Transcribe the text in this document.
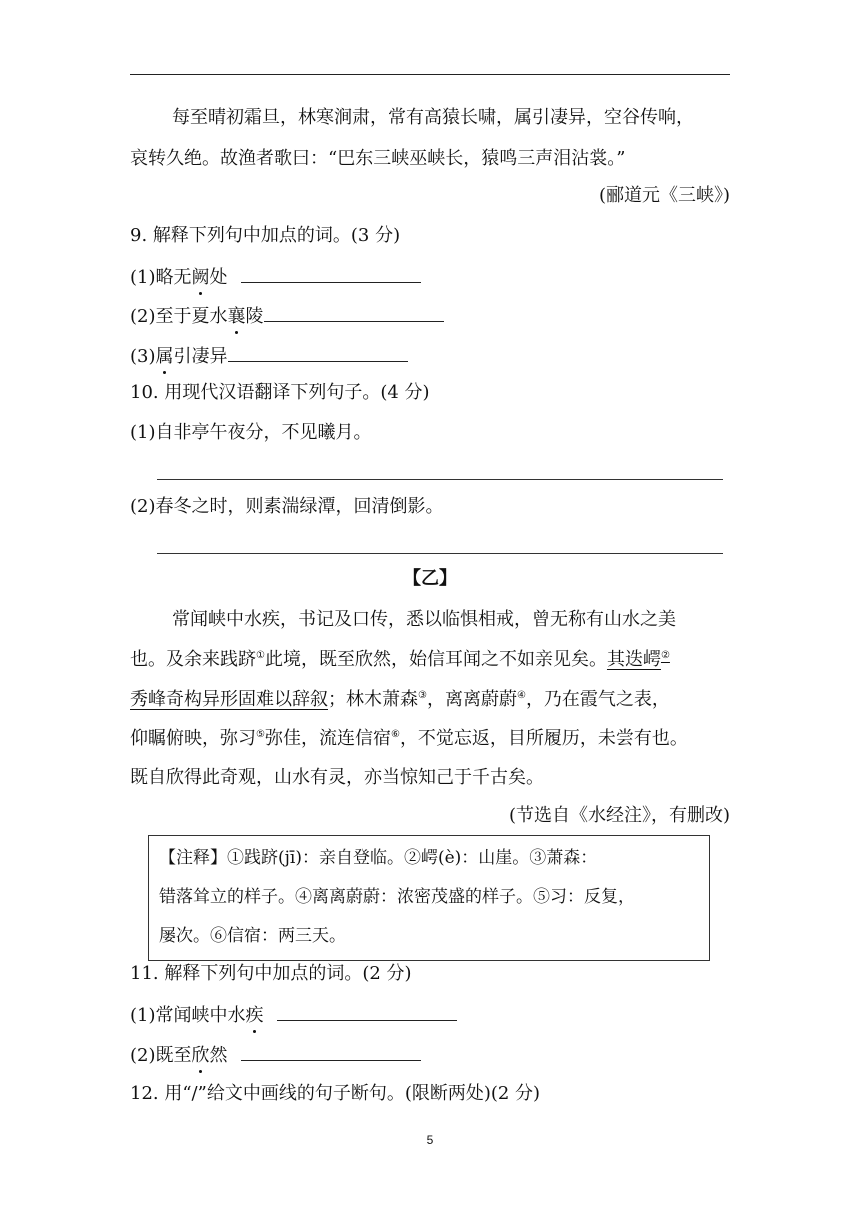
每至晴初霜旦，林寒涧肃，常有高猿长啸，属引凄异，空谷传响，
哀转久绝。故渔者歌曰：“巴东三峡巫峡长，猿鸣三声泪沾裳。”
(郦道元《三峡》)
9. 解释下列句中加点的词。(3 分)
(1)略无阙处
(2)至于夏水襄陵
(3)属引凄异
10. 用现代汉语翻译下列句子。(4 分)
(1)自非亭午夜分，不见曦月。
(2)春冬之时，则素湍绿潭，回清倒影。
【乙】
常闻峡中水疾，书记及口传，悉以临惧相戒，曾无称有山水之美
也。及余来践跻①此境，既至欣然，始信耳闻之不如亲见矣。其迭崿②
秀峰奇构异形固难以辞叙；林木萧森③，离离蔚蔚④，乃在霞气之表，
仰瞩俯映，弥习⑤弥佳，流连信宿⑥，不觉忘返，目所履历，未尝有也。
既自欣得此奇观，山水有灵，亦当惊知己于千古矣。
(节选自《水经注》，有删改)
【注释】①践跻(jī)：亲自登临。②崿(è)：山崖。③萧森：
错落耸立的样子。④离离蔚蔚：浓密茂盛的样子。⑤习：反复，
屡次。⑥信宿：两三天。
11. 解释下列句中加点的词。(2 分)
(1)常闻峡中水疾
(2)既至欣然
12. 用“/”给文中画线的句子断句。(限断两处)(2 分)
5
